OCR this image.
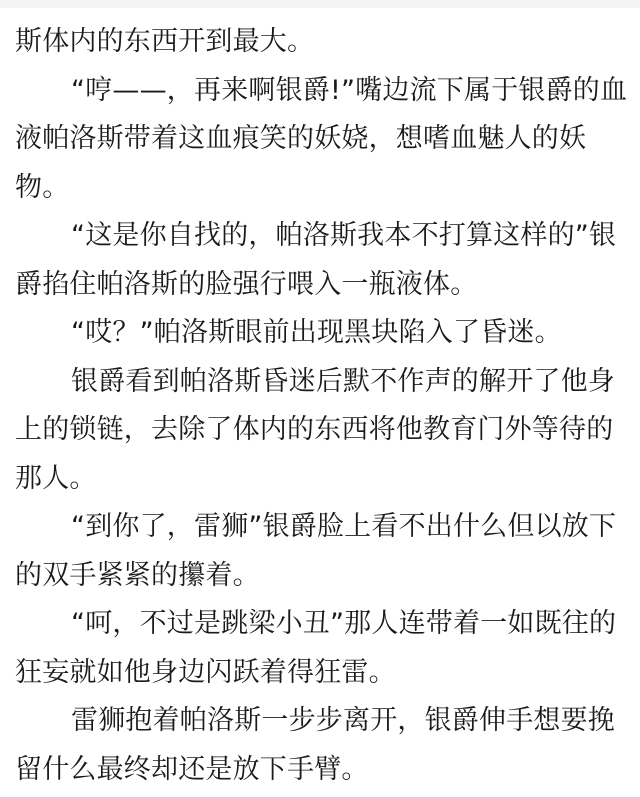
斯体内的东西开到最大。
“哼——，再来啊银爵!”嘴边流下属于银爵的血
液帕洛斯带着这血痕笑的妖娆，想嗜血魅人的妖
物。
“这是你自找的，帕洛斯我本不打算这样的”银
爵掐住帕洛斯的脸强行喂入一瓶液体。
“哎？”帕洛斯眼前出现黑块陷入了昏迷。
银爵看到帕洛斯昏迷后默不作声的解开了他身
上的锁链，去除了体内的东西将他教育门外等待的
那人。
“到你了，雷狮”银爵脸上看不出什么但以放下
的双手紧紧的攥着。
“呵，不过是跳梁小丑”那人连带着一如既往的
狂妄就如他身边闪跃着得狂雷。
雷狮抱着帕洛斯一步步离开，银爵伸手想要挽
留什么最终却还是放下手臂。
